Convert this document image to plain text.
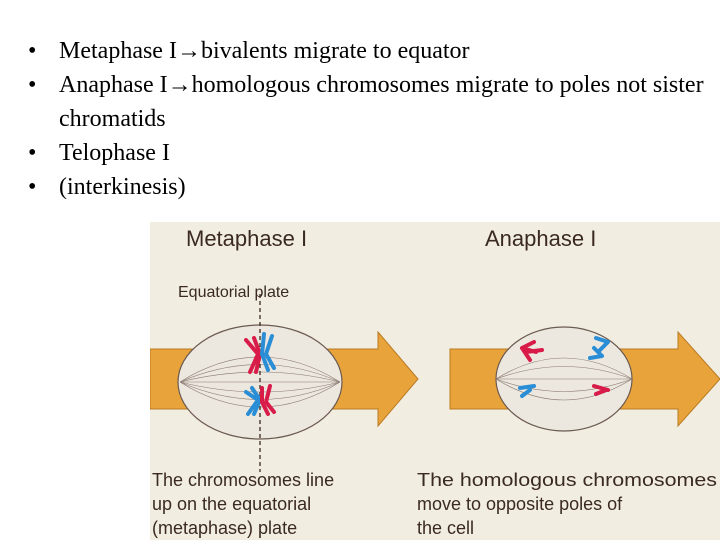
• Metaphase I→bivalents migrate to equator
• Anaphase I→homologous chromosomes migrate to poles not sister chromatids
• Telophase I
• (interkinesis)
Metaphase I	Anaphase I
Equatorial plate
The chromosomes line
up on the equatorial
(metaphase) plate
The homologous chromosomes
move to opposite poles of
the cell
